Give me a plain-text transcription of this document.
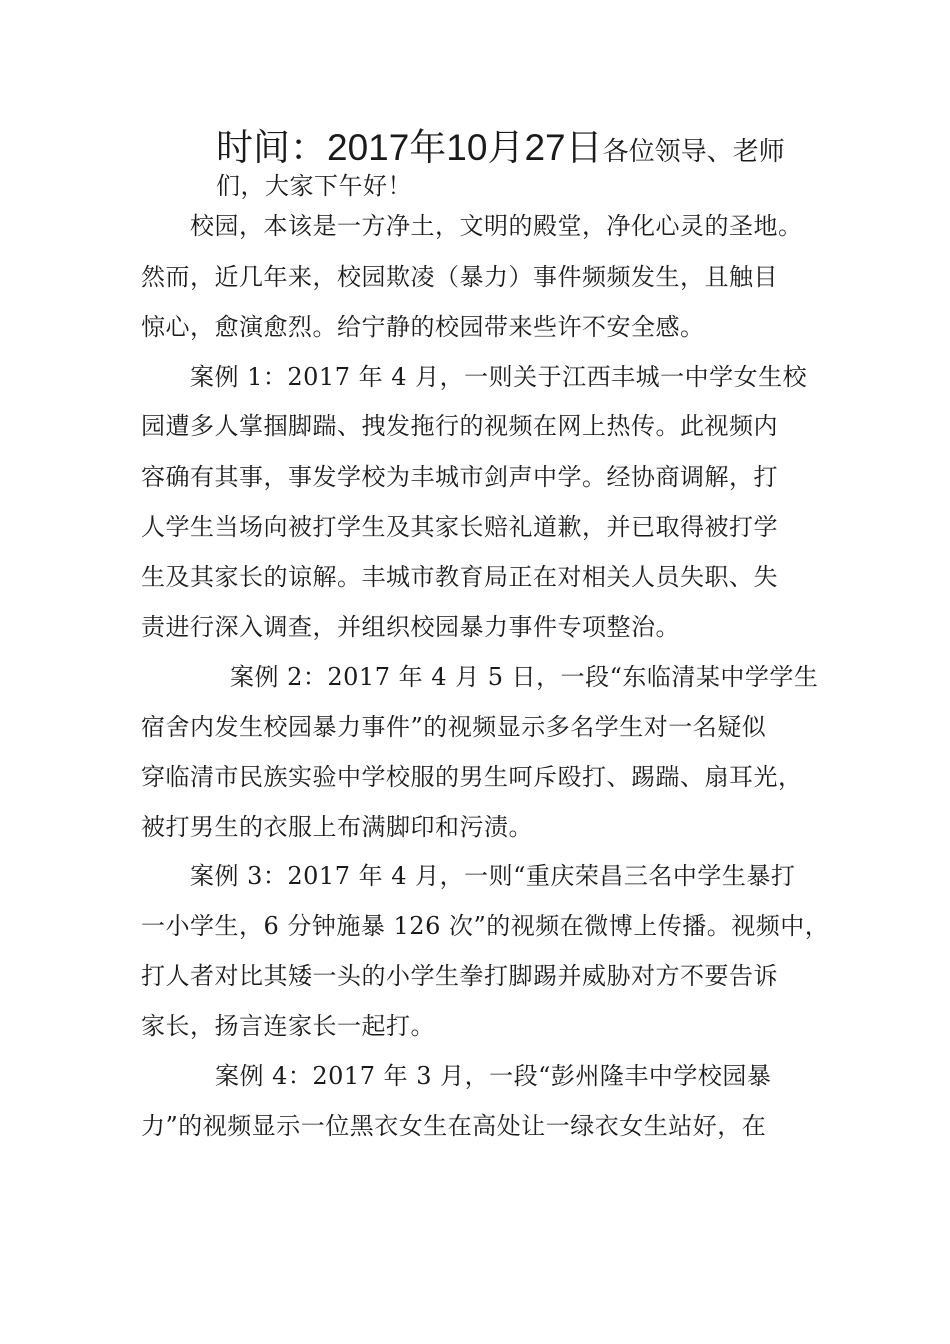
时间：2017年10月27日各位领导、老师
们，大家下午好！
校园，本该是一方净土，文明的殿堂，净化心灵的圣地。
然而，近几年来，校园欺凌（暴力）事件频频发生，且触目
惊心，愈演愈烈。给宁静的校园带来些许不安全感。
案例 1：2017 年 4 月，一则关于江西丰城一中学女生校
园遭多人掌掴脚踹、拽发拖行的视频在网上热传。此视频内
容确有其事，事发学校为丰城市剑声中学。经协商调解，打
人学生当场向被打学生及其家长赔礼道歉，并已取得被打学
生及其家长的谅解。丰城市教育局正在对相关人员失职、失
责进行深入调查，并组织校园暴力事件专项整治。
案例 2：2017 年 4 月 5 日，一段“东临清某中学学生
宿舍内发生校园暴力事件”的视频显示多名学生对一名疑似
穿临清市民族实验中学校服的男生呵斥殴打、踢踹、扇耳光，
被打男生的衣服上布满脚印和污渍。
案例 3：2017 年 4 月，一则“重庆荣昌三名中学生暴打
一小学生，6 分钟施暴 126 次”的视频在微博上传播。视频中，
打人者对比其矮一头的小学生拳打脚踢并威胁对方不要告诉
家长，扬言连家长一起打。
案例 4：2017 年 3 月，一段“彭州隆丰中学校园暴
力”的视频显示一位黑衣女生在高处让一绿衣女生站好，在
